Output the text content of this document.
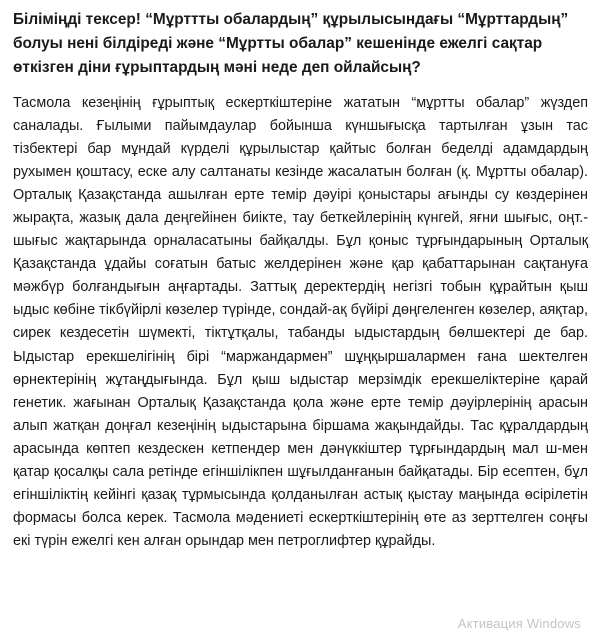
Біліміңді тексер! “Мұрттты обалардың” құрылысындағы “Мұрттардың” болуы нені білдіреді және “Мұртты обалар” кешенінде ежелгі сақтар өткізген діни ғұрыптардың мәні неде деп ойлайсың?

Тасмола кезеңінің ғұрыптық ескерткіштеріне жататын “мұртты обалар” жүздеп саналады. Ғылыми пайымдаулар бойынша күншығысқа тартылған ұзын тас тізбектері бар мұндай күрделі құрылыстар қайтыс болған беделді адамдардың рухымен қоштасу, еске алу салтанаты кезінде жасалатын болған (қ. Мұртты обалар). Орталық Қазақстанда ашылған ерте темір дәуірі қоныстары ағынды су көздерінен жырақта, жазық дала деңгейінен биікте, тау беткейлерінің күнгей, яғни шығыс, оңт.-шығыс жақтарында орналасатыны байқалды. Бұл қоныс тұрғындарының Орталық Қазақстанда ұдайы соғатын батыс желдерінен және қар қабаттарынан сақтануға мәжбүр болғандығын аңғартады. Заттық деректердің негізгі тобын құрайтын қыш ыдыс көбіне тікбүйірлі көзелер түрінде, сондай-ақ бүйірі дөңгеленген көзелер, аяқтар, сирек кездесетін шүмекті, тіктұтқалы, табанды ыдыстардың бөлшектері де бар. Ыдыстар ерекшелігінің бірі “маржандармен” шұңқыршалармен ғана шектелген өрнектерінің жұтаңдығында. Бұл қыш ыдыстар мерзімдік ерекшеліктеріне қарай генетик. жағынан Орталық Қазақстанда қола және ерте темір дәуірлерінің арасын алып жатқан доңғал кезеңінің ыдыстарына біршама жақындайды. Тас құралдардың арасында көптеп кездескен кетпендер мен дәнүккіштер тұрғындардың мал ш-мен қатар қосалқы сала ретінде егіншілікпен шұғылданғанын байқатады. Бір есептен, бұл егіншіліктің кейінгі қазақ тұрмысында қолданылған астық қыстау маңында өсірілетін формасы болса керек. Тасмола мәдениеті ескерткіштерінің өте аз зерттелген соңғы екі түрін ежелгі кен алған орындар мен петроглифтер құрайды.

Активация Windows
